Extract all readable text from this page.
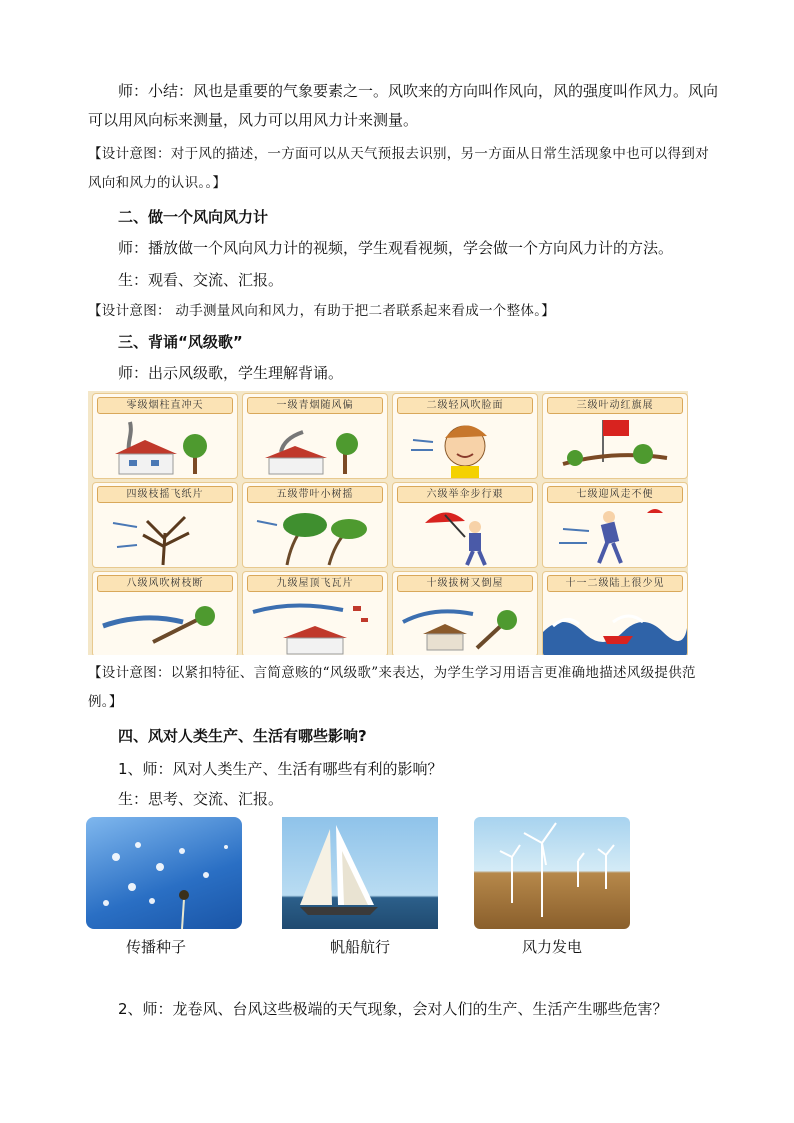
师：小结：风也是重要的气象要素之一。风吹来的方向叫作风向，风的强度叫作风力。风向可以用风向标来测量，风力可以用风力计来测量。

【设计意图：对于风的描述，一方面可以从天气预报去识别，另一方面从日常生活现象中也可以得到对风向和风力的认识。。】

二、做一个风向风力计

师：播放做一个风向风力计的视频，学生观看视频，学会做一个方向风力计的方法。

生：观看、交流、汇报。

【设计意图： 动手测量风向和风力，有助于把二者联系起来看成一个整体。】

三、背诵“风级歌”

师：出示风级歌，学生理解背诵。

零级烟柱直冲天	一级青烟随风偏	二级轻风吹脸面	三级叶动红旗展
四级枝摇飞纸片	五级带叶小树摇	六级举伞步行艰	七级迎风走不便
八级风吹树枝断	九级屋顶飞瓦片	十级拔树又倒屋	十一二级陆上很少见

【设计意图：以紧扣特征、言简意赅的“风级歌”来表达，为学生学习用语言更准确地描述风级提供范例。】

四、风对人类生产、生活有哪些影响?

1、师：风对人类生产、生活有哪些有利的影响？

生：思考、交流、汇报。

传播种子	帆船航行	风力发电

2、师：龙卷风、台风这些极端的天气现象，会对人们的生产、生活产生哪些危害？
